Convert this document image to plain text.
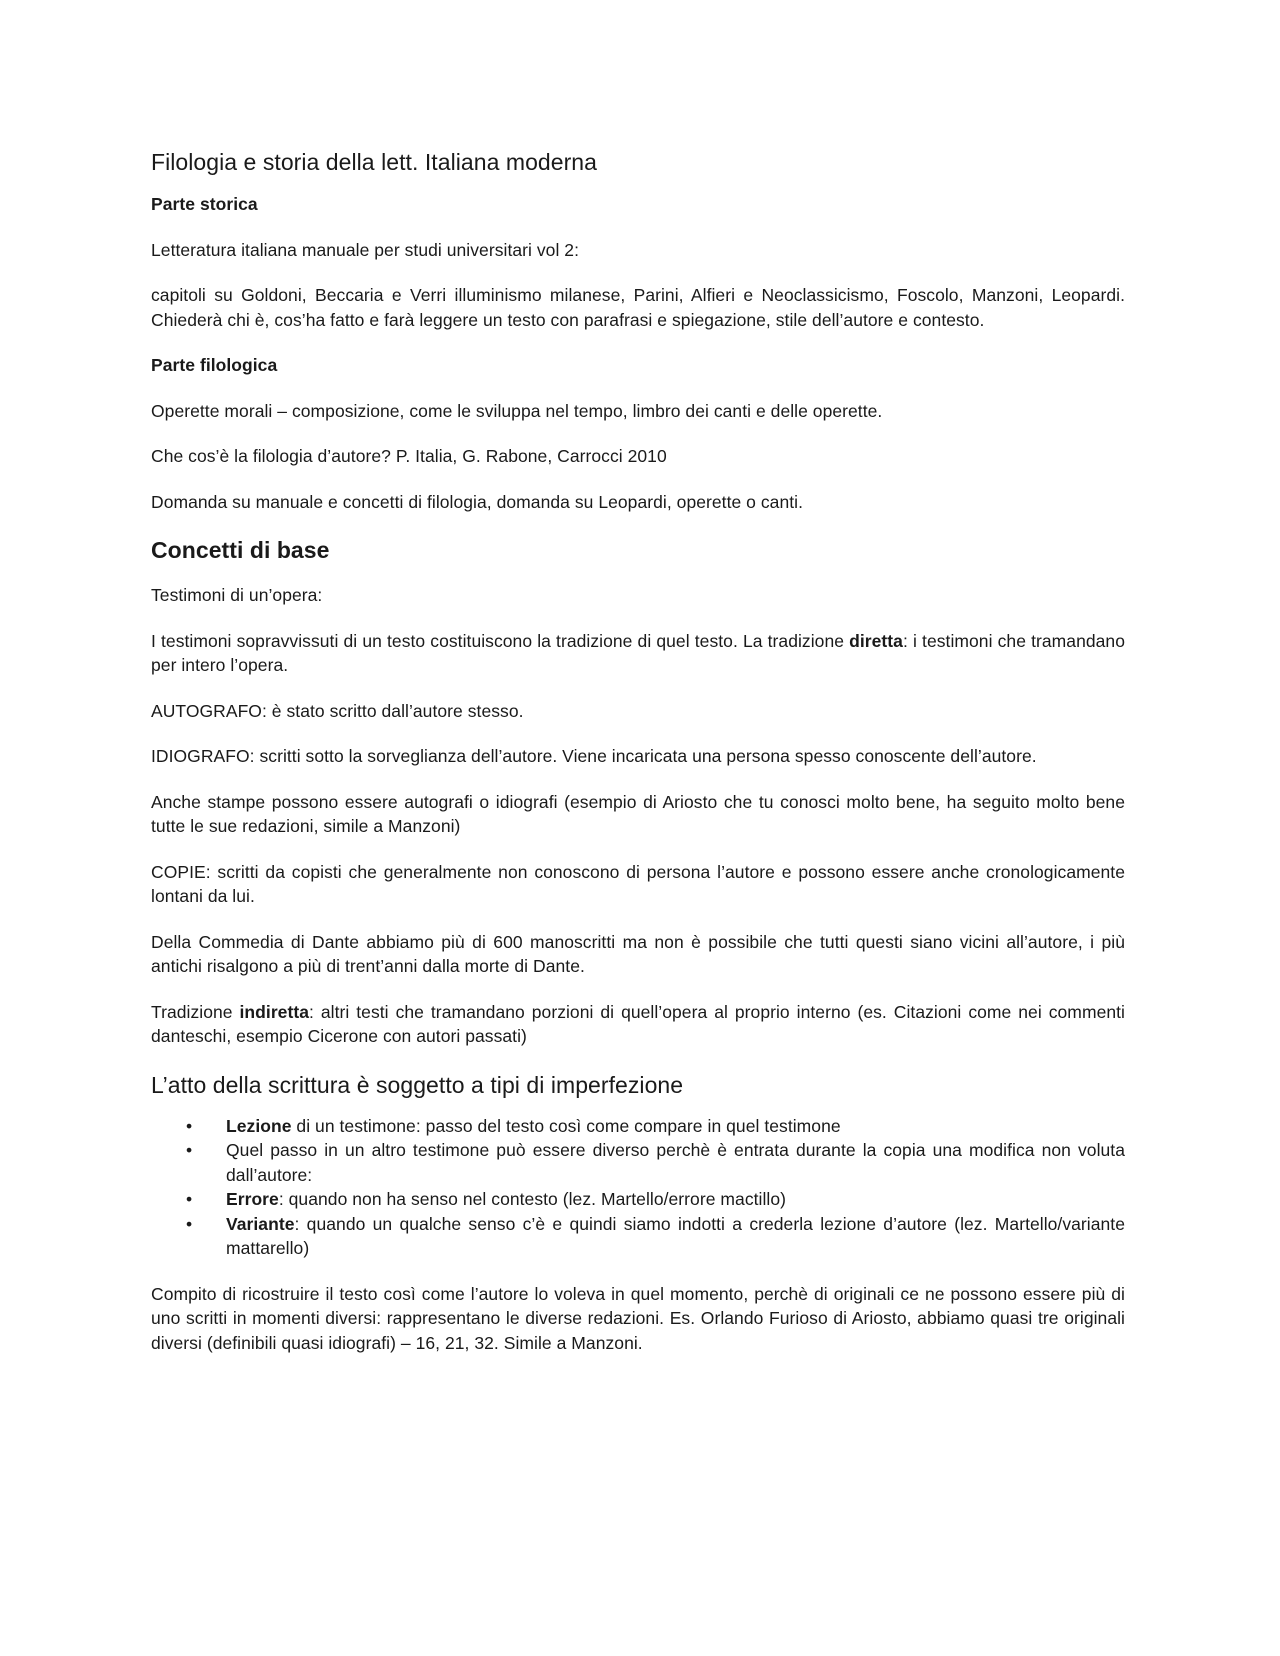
Filologia e storia della lett. Italiana moderna
Parte storica

Letteratura italiana manuale per studi universitari vol 2:

capitoli su Goldoni, Beccaria e Verri illuminismo milanese, Parini, Alfieri e Neoclassicismo, Foscolo, Manzoni, Leopardi. Chiederà chi è, cos’ha fatto e farà leggere un testo con parafrasi e spiegazione, stile dell’autore e contesto.

Parte filologica

Operette morali – composizione, come le sviluppa nel tempo, limbro dei canti e delle operette.

Che cos’è la filologia d’autore? P. Italia, G. Rabone, Carrocci 2010

Domanda su manuale e concetti di filologia, domanda su Leopardi, operette o canti.

Concetti di base

Testimoni di un’opera:

I testimoni sopravvissuti di un testo costituiscono la tradizione di quel testo. La tradizione diretta: i testimoni che tramandano per intero l’opera.

AUTOGRAFO: è stato scritto dall’autore stesso.

IDIOGRAFO: scritti sotto la sorveglianza dell’autore. Viene incaricata una persona spesso conoscente dell’autore.

Anche stampe possono essere autografi o idiografi (esempio di Ariosto che tu conosci molto bene, ha seguito molto bene tutte le sue redazioni, simile a Manzoni)

COPIE: scritti da copisti che generalmente non conoscono di persona l’autore e possono essere anche cronologicamente lontani da lui.

Della Commedia di Dante abbiamo più di 600 manoscritti ma non è possibile che tutti questi siano vicini all’autore, i più antichi risalgono a più di trent’anni dalla morte di Dante.

Tradizione indiretta: altri testi che tramandano porzioni di quell’opera al proprio interno (es. Citazioni come nei commenti danteschi, esempio Cicerone con autori passati)

L’atto della scrittura è soggetto a tipi di imperfezione
• Lezione di un testimone: passo del testo così come compare in quel testimone
• Quel passo in un altro testimone può essere diverso perchè è entrata durante la copia una modifica non voluta dall’autore:
• Errore: quando non ha senso nel contesto (lez. Martello/errore mactillo)
• Variante: quando un qualche senso c’è e quindi siamo indotti a crederla lezione d’autore (lez. Martello/variante mattarello)

Compito di ricostruire il testo così come l’autore lo voleva in quel momento, perchè di originali ce ne possono essere più di uno scritti in momenti diversi: rappresentano le diverse redazioni. Es. Orlando Furioso di Ariosto, abbiamo quasi tre originali diversi (definibili quasi idiografi) – 16, 21, 32. Simile a Manzoni.
